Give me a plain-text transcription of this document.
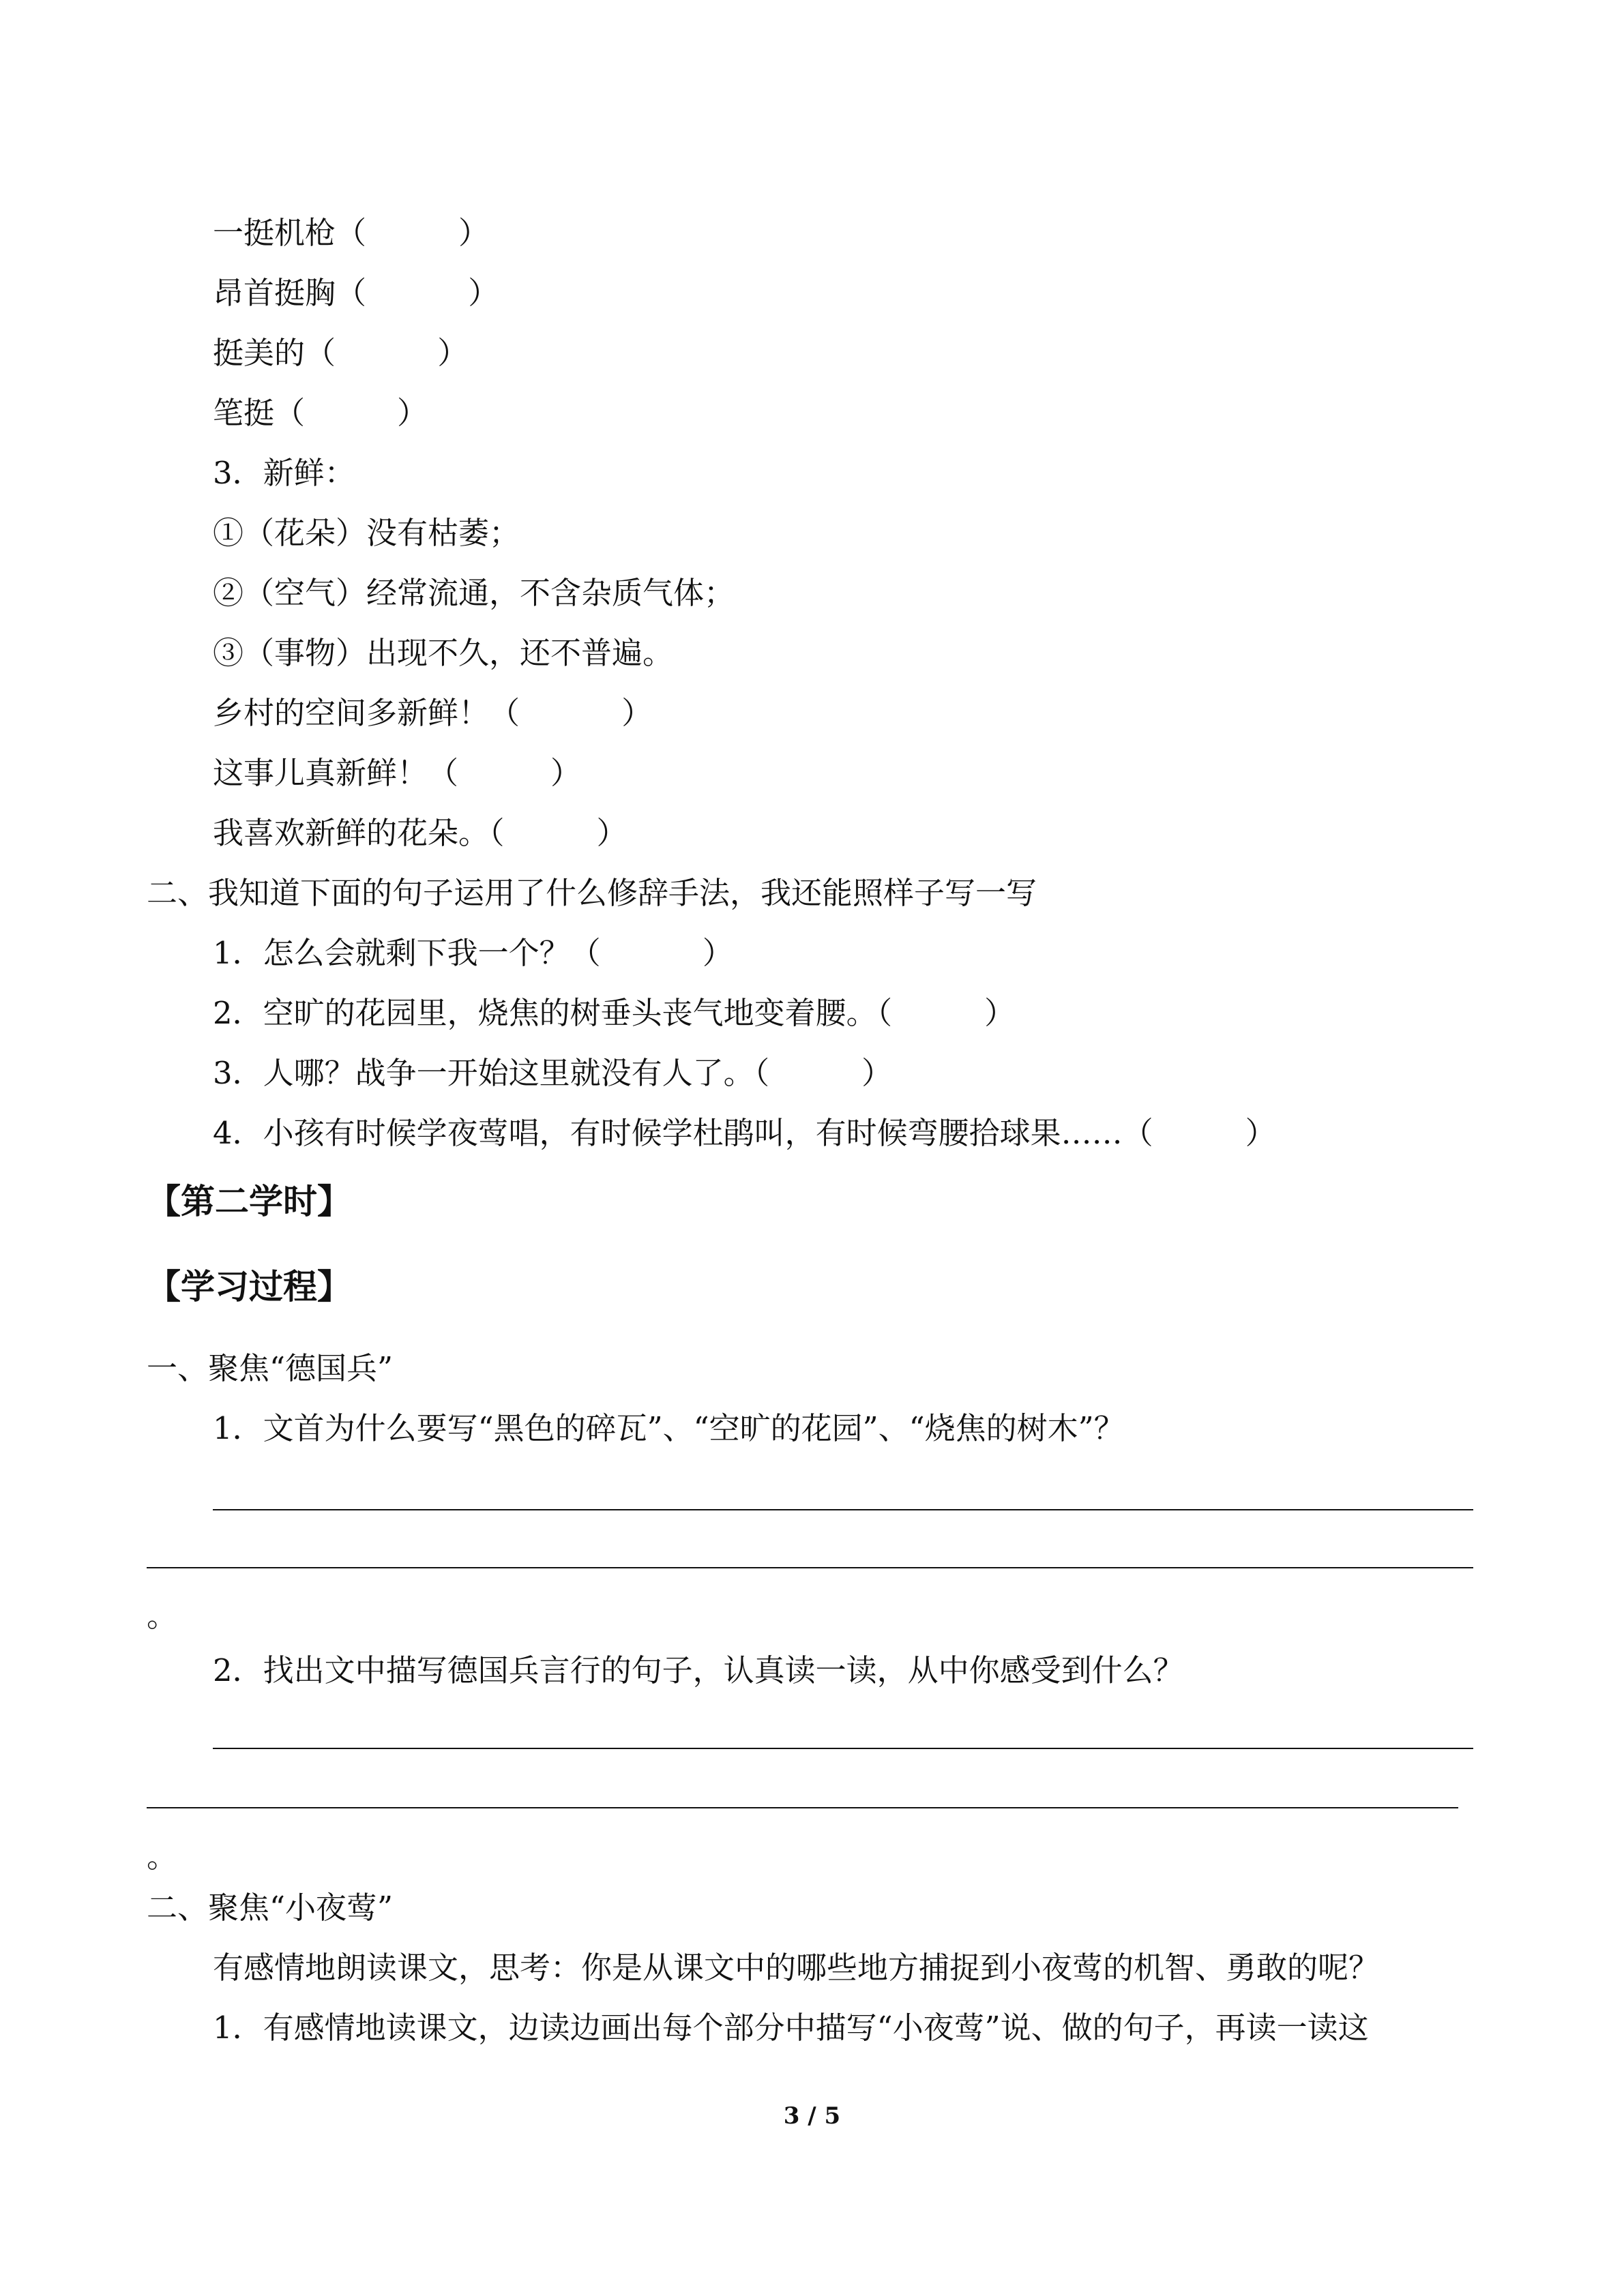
一挺机枪（　　　）
昂首挺胸（　　　 ）
挺美的（　　　 ）
笔挺（　　　）
3．新鲜：
①（花朵）没有枯萎；
②（空气）经常流通，不含杂质气体；
③（事物）出现不久，还不普遍。
乡村的空间多新鲜！（　　　 ）
这事儿真新鲜！（　　　）
我喜欢新鲜的花朵。（　　　）
二、我知道下面的句子运用了什么修辞手法，我还能照样子写一写
1．怎么会就剩下我一个？（　　　 ）
2．空旷的花园里，烧焦的树垂头丧气地变着腰。（　　　）
3．人哪？战争一开始这里就没有人了。（　　　）
4．小孩有时候学夜莺唱，有时候学杜鹃叫，有时候弯腰拾球果……（　　　）
【第二学时】
【学习过程】
一、聚焦“德国兵”
1．文首为什么要写“黑色的碎瓦”、“空旷的花园”、“烧焦的树木”？
。
2．找出文中描写德国兵言行的句子，认真读一读，从中你感受到什么？
。
二、聚焦“小夜莺”
有感情地朗读课文，思考：你是从课文中的哪些地方捕捉到小夜莺的机智、勇敢的呢？
1．有感情地读课文，边读边画出每个部分中描写“小夜莺”说、做的句子，再读一读这
3 / 5
